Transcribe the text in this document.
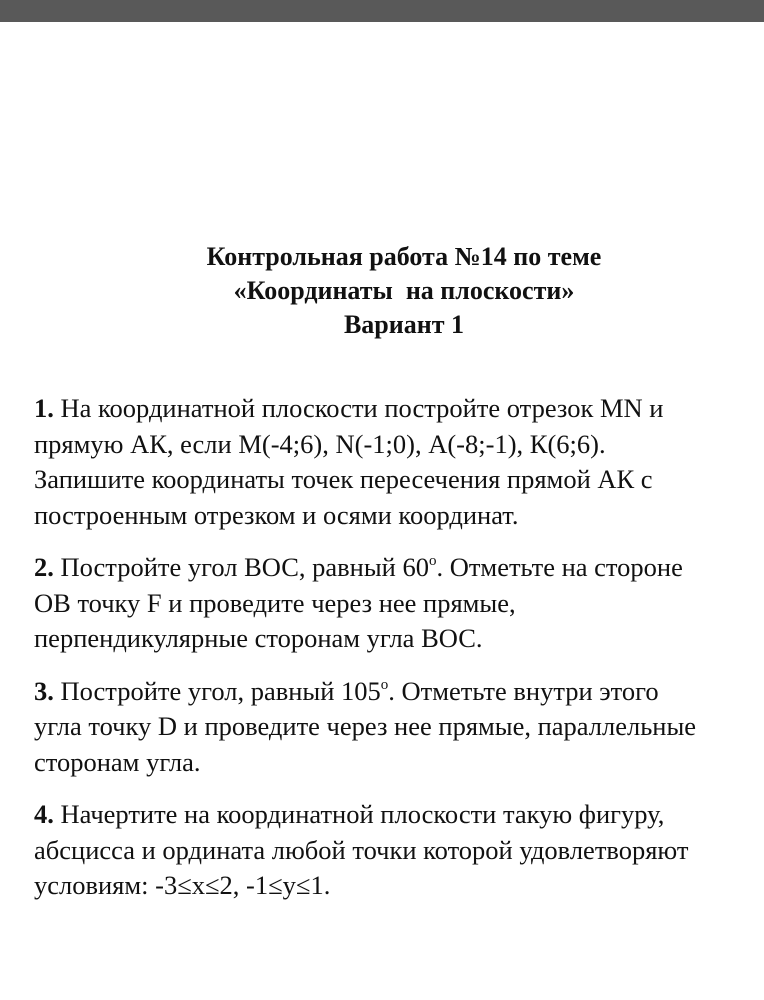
Контрольная работа №14 по теме
«Координаты  на плоскости»
Вариант 1
1. На координатной плоскости постройте отрезок MN и
прямую АК, если М(-4;6), N(-1;0), А(-8;-1), К(6;6).
Запишите координаты точек пересечения прямой АК с
построенным отрезком и осями координат.
2. Постройте угол ВОС, равный 60$^o$. Отметьте на стороне
ОВ точку F и проведите через нее прямые,
перпендикулярные сторонам угла ВОС.
3. Постройте угол, равный 105$^o$. Отметьте внутри этого
угла точку D и проведите через нее прямые, параллельные
сторонам угла.
4. Начертите на координатной плоскости такую фигуру,
абсцисса и ордината любой точки которой удовлетворяют
условиям: -3≤x≤2, -1≤у≤1.
